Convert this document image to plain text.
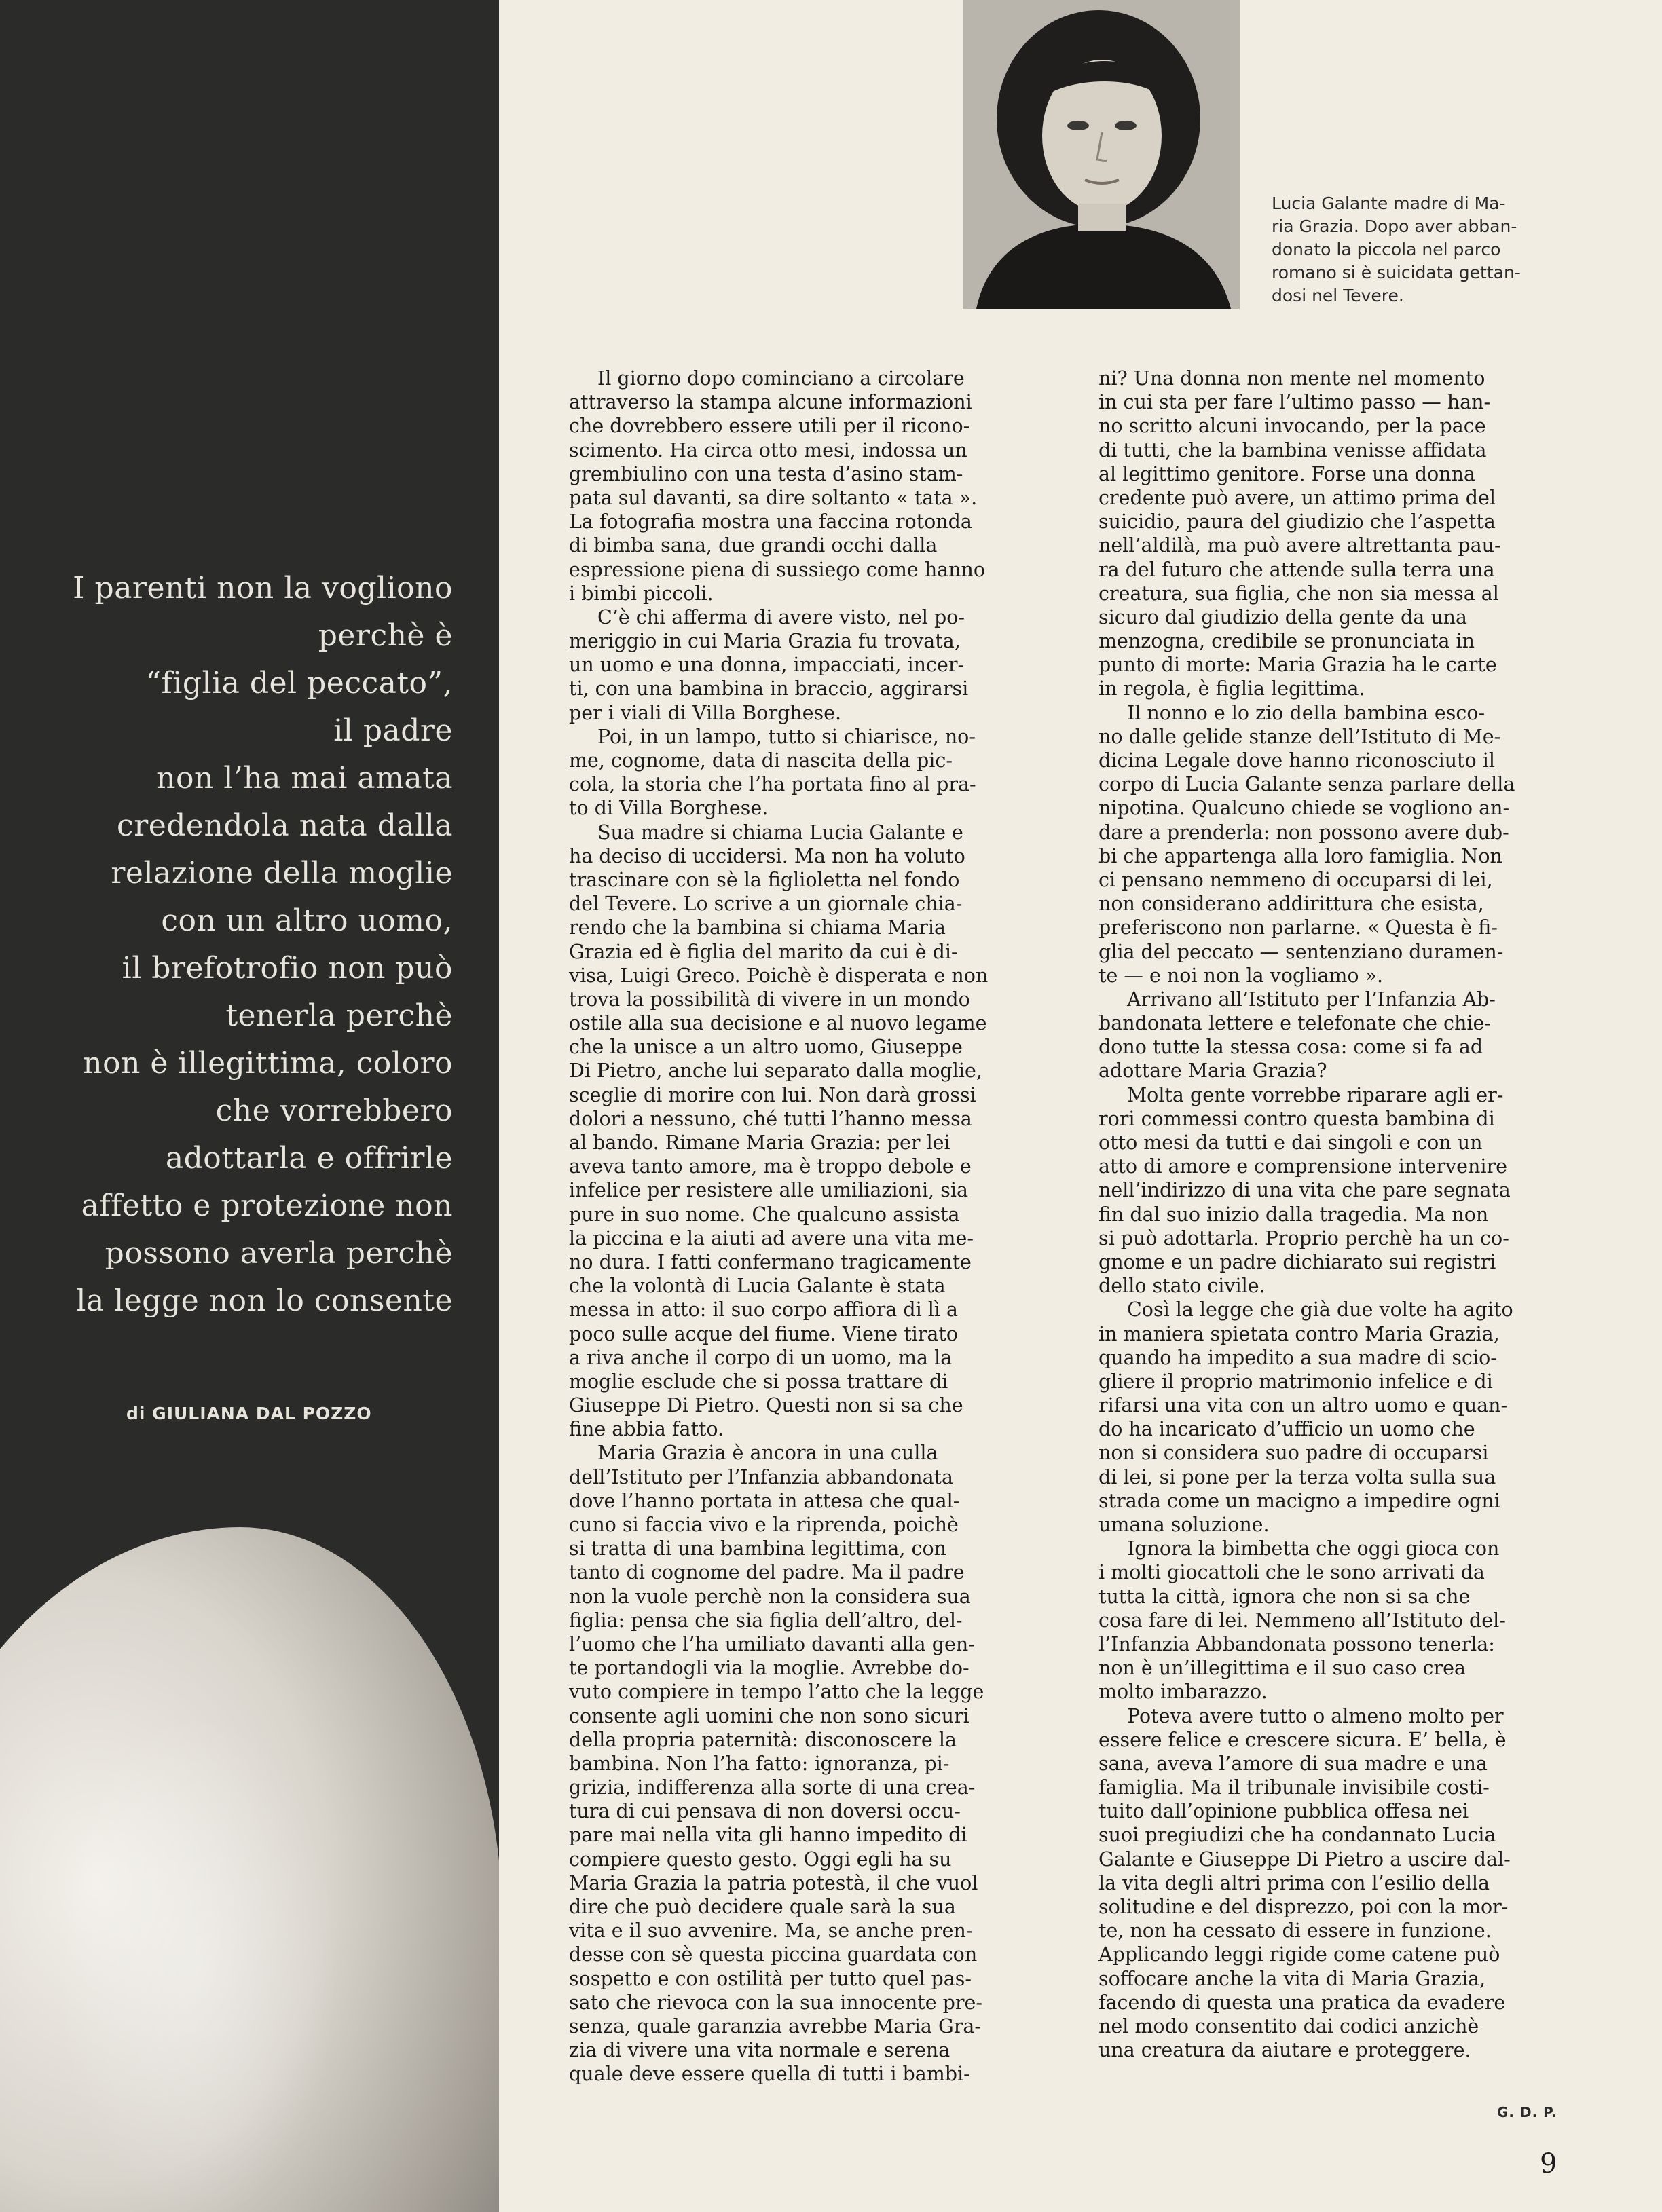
I parenti non la vogliono
perchè è
“figlia del peccato”,
il padre
non l’ha mai amata
credendola nata dalla
relazione della moglie
con un altro uomo,
il brefotrofio non può
tenerla perchè
non è illegittima, coloro
che vorrebbero
adottarla e offrirle
affetto e protezione non
possono averla perchè
la legge non lo consente
di GIULIANA DAL POZZO
Lucia Galante madre di Ma-
ria Grazia. Dopo aver abban-
donato la piccola nel parco
romano si è suicidata gettan-
dosi nel Tevere.
Il giorno dopo cominciano a circolare
attraverso la stampa alcune informazioni
che dovrebbero essere utili per il ricono-
scimento. Ha circa otto mesi, indossa un
grembiulino con una testa d’asino stam-
pata sul davanti, sa dire soltanto « tata ».
La fotografia mostra una faccina rotonda
di bimba sana, due grandi occhi dalla
espressione piena di sussiego come hanno
i bimbi piccoli.
C’è chi afferma di avere visto, nel po-
meriggio in cui Maria Grazia fu trovata,
un uomo e una donna, impacciati, incer-
ti, con una bambina in braccio, aggirarsi
per i viali di Villa Borghese.
Poi, in un lampo, tutto si chiarisce, no-
me, cognome, data di nascita della pic-
cola, la storia che l’ha portata fino al pra-
to di Villa Borghese.
Sua madre si chiama Lucia Galante e
ha deciso di uccidersi. Ma non ha voluto
trascinare con sè la figlioletta nel fondo
del Tevere. Lo scrive a un giornale chia-
rendo che la bambina si chiama Maria
Grazia ed è figlia del marito da cui è di-
visa, Luigi Greco. Poichè è disperata e non
trova la possibilità di vivere in un mondo
ostile alla sua decisione e al nuovo legame
che la unisce a un altro uomo, Giuseppe
Di Pietro, anche lui separato dalla moglie,
sceglie di morire con lui. Non darà grossi
dolori a nessuno, ché tutti l’hanno messa
al bando. Rimane Maria Grazia: per lei
aveva tanto amore, ma è troppo debole e
infelice per resistere alle umiliazioni, sia
pure in suo nome. Che qualcuno assista
la piccina e la aiuti ad avere una vita me-
no dura. I fatti confermano tragicamente
che la volontà di Lucia Galante è stata
messa in atto: il suo corpo affiora di lì a
poco sulle acque del fiume. Viene tirato
a riva anche il corpo di un uomo, ma la
moglie esclude che si possa trattare di
Giuseppe Di Pietro. Questi non si sa che
fine abbia fatto.
Maria Grazia è ancora in una culla
dell’Istituto per l’Infanzia abbandonata
dove l’hanno portata in attesa che qual-
cuno si faccia vivo e la riprenda, poichè
si tratta di una bambina legittima, con
tanto di cognome del padre. Ma il padre
non la vuole perchè non la considera sua
figlia: pensa che sia figlia dell’altro, del-
l’uomo che l’ha umiliato davanti alla gen-
te portandogli via la moglie. Avrebbe do-
vuto compiere in tempo l’atto che la legge
consente agli uomini che non sono sicuri
della propria paternità: disconoscere la
bambina. Non l’ha fatto: ignoranza, pi-
grizia, indifferenza alla sorte di una crea-
tura di cui pensava di non doversi occu-
pare mai nella vita gli hanno impedito di
compiere questo gesto. Oggi egli ha su
Maria Grazia la patria potestà, il che vuol
dire che può decidere quale sarà la sua
vita e il suo avvenire. Ma, se anche pren-
desse con sè questa piccina guardata con
sospetto e con ostilità per tutto quel pas-
sato che rievoca con la sua innocente pre-
senza, quale garanzia avrebbe Maria Gra-
zia di vivere una vita normale e serena
quale deve essere quella di tutti i bambi-
ni? Una donna non mente nel momento
in cui sta per fare l’ultimo passo — han-
no scritto alcuni invocando, per la pace
di tutti, che la bambina venisse affidata
al legittimo genitore. Forse una donna
credente può avere, un attimo prima del
suicidio, paura del giudizio che l’aspetta
nell’aldilà, ma può avere altrettanta pau-
ra del futuro che attende sulla terra una
creatura, sua figlia, che non sia messa al
sicuro dal giudizio della gente da una
menzogna, credibile se pronunciata in
punto di morte: Maria Grazia ha le carte
in regola, è figlia legittima.
Il nonno e lo zio della bambina esco-
no dalle gelide stanze dell’Istituto di Me-
dicina Legale dove hanno riconosciuto il
corpo di Lucia Galante senza parlare della
nipotina. Qualcuno chiede se vogliono an-
dare a prenderla: non possono avere dub-
bi che appartenga alla loro famiglia. Non
ci pensano nemmeno di occuparsi di lei,
non considerano addirittura che esista,
preferiscono non parlarne. « Questa è fi-
glia del peccato — sentenziano duramen-
te — e noi non la vogliamo ».
Arrivano all’Istituto per l’Infanzia Ab-
bandonata lettere e telefonate che chie-
dono tutte la stessa cosa: come si fa ad
adottare Maria Grazia?
Molta gente vorrebbe riparare agli er-
rori commessi contro questa bambina di
otto mesi da tutti e dai singoli e con un
atto di amore e comprensione intervenire
nell’indirizzo di una vita che pare segnata
fin dal suo inizio dalla tragedia. Ma non
si può adottarla. Proprio perchè ha un co-
gnome e un padre dichiarato sui registri
dello stato civile.
Così la legge che già due volte ha agito
in maniera spietata contro Maria Grazia,
quando ha impedito a sua madre di scio-
gliere il proprio matrimonio infelice e di
rifarsi una vita con un altro uomo e quan-
do ha incaricato d’ufficio un uomo che
non si considera suo padre di occuparsi
di lei, si pone per la terza volta sulla sua
strada come un macigno a impedire ogni
umana soluzione.
Ignora la bimbetta che oggi gioca con
i molti giocattoli che le sono arrivati da
tutta la città, ignora che non si sa che
cosa fare di lei. Nemmeno all’Istituto del-
l’Infanzia Abbandonata possono tenerla:
non è un’illegittima e il suo caso crea
molto imbarazzo.
Poteva avere tutto o almeno molto per
essere felice e crescere sicura. E’ bella, è
sana, aveva l’amore di sua madre e una
famiglia. Ma il tribunale invisibile costi-
tuito dall’opinione pubblica offesa nei
suoi pregiudizi che ha condannato Lucia
Galante e Giuseppe Di Pietro a uscire dal-
la vita degli altri prima con l’esilio della
solitudine e del disprezzo, poi con la mor-
te, non ha cessato di essere in funzione.
Applicando leggi rigide come catene può
soffocare anche la vita di Maria Grazia,
facendo di questa una pratica da evadere
nel modo consentito dai codici anzichè
una creatura da aiutare e proteggere.
G. D. P.
9
